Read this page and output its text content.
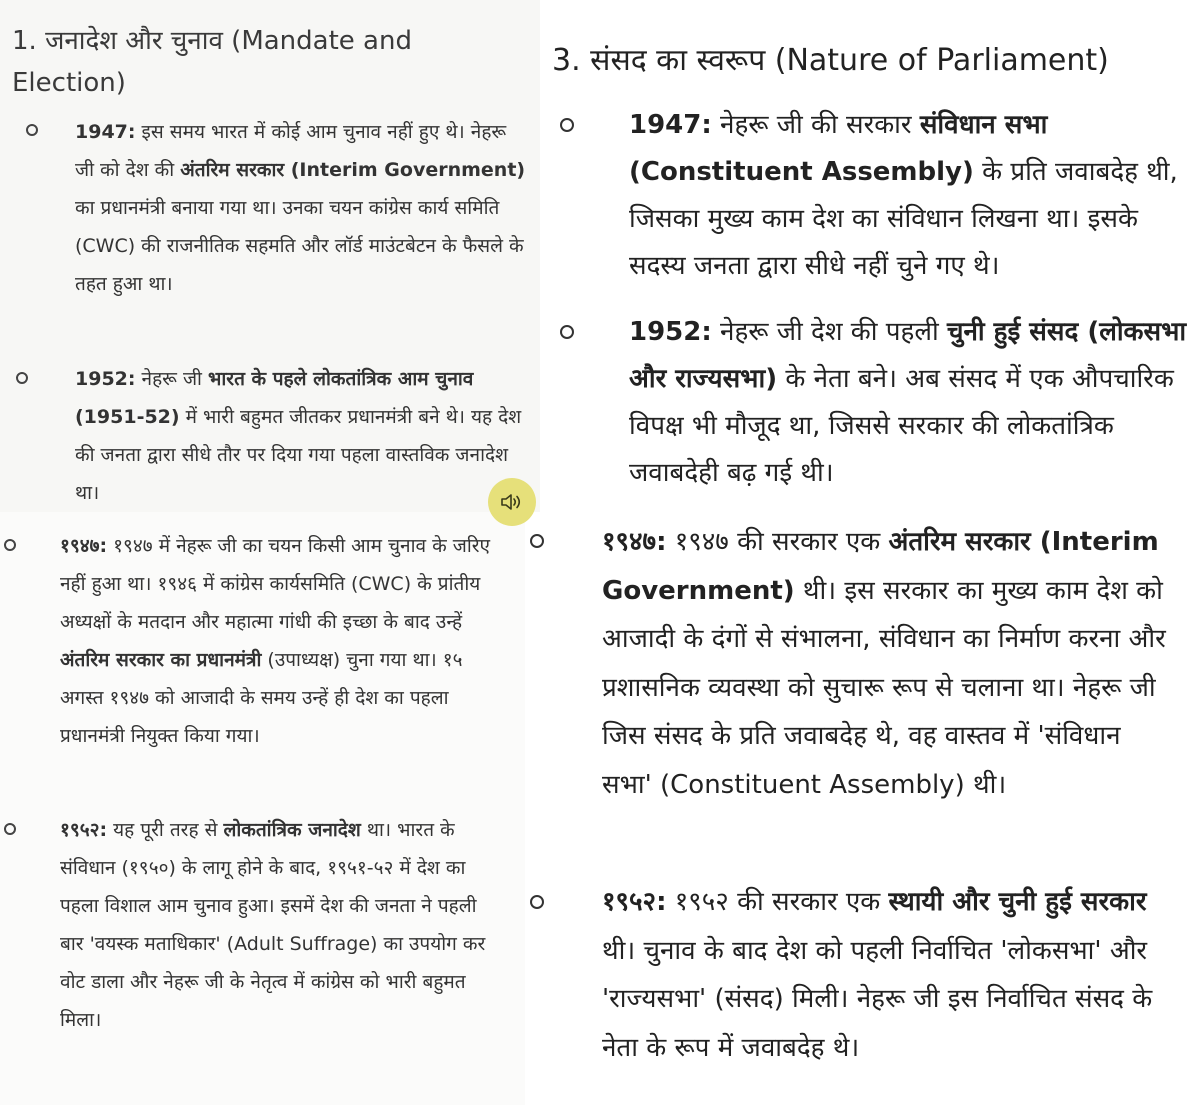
1. जनादेश और चुनाव (Mandate and Election)

1947: इस समय भारत में कोई आम चुनाव नहीं हुए थे। नेहरू जी को देश की अंतरिम सरकार (Interim Government) का प्रधानमंत्री बनाया गया था। उनका चयन कांग्रेस कार्य समिति (CWC) की राजनीतिक सहमति और लॉर्ड माउंटबेटन के फैसले के तहत हुआ था।

1952: नेहरू जी भारत के पहले लोकतांत्रिक आम चुनाव (1951-52) में भारी बहुमत जीतकर प्रधानमंत्री बने थे। यह देश की जनता द्वारा सीधे तौर पर दिया गया पहला वास्तविक जनादेश था।

3. संसद का स्वरूप (Nature of Parliament)

1947: नेहरू जी की सरकार संविधान सभा (Constituent Assembly) के प्रति जवाबदेह थी, जिसका मुख्य काम देश का संविधान लिखना था। इसके सदस्य जनता द्वारा सीधे नहीं चुने गए थे।

1952: नेहरू जी देश की पहली चुनी हुई संसद (लोकसभा और राज्यसभा) के नेता बने। अब संसद में एक औपचारिक विपक्ष भी मौजूद था, जिससे सरकार की लोकतांत्रिक जवाबदेही बढ़ गई थी।

१९४७: १९४७ में नेहरू जी का चयन किसी आम चुनाव के जरिए नहीं हुआ था। १९४६ में कांग्रेस कार्यसमिति (CWC) के प्रांतीय अध्यक्षों के मतदान और महात्मा गांधी की इच्छा के बाद उन्हें अंतरिम सरकार का प्रधानमंत्री (उपाध्यक्ष) चुना गया था। १५ अगस्त १९४७ को आजादी के समय उन्हें ही देश का पहला प्रधानमंत्री नियुक्त किया गया।

१९५२: यह पूरी तरह से लोकतांत्रिक जनादेश था। भारत के संविधान (१९५०) के लागू होने के बाद, १९५१-५२ में देश का पहला विशाल आम चुनाव हुआ। इसमें देश की जनता ने पहली बार 'वयस्क मताधिकार' (Adult Suffrage) का उपयोग कर वोट डाला और नेहरू जी के नेतृत्व में कांग्रेस को भारी बहुमत मिला।

१९४७: १९४७ की सरकार एक अंतरिम सरकार (Interim Government) थी। इस सरकार का मुख्य काम देश को आजादी के दंगों से संभालना, संविधान का निर्माण करना और प्रशासनिक व्यवस्था को सुचारू रूप से चलाना था। नेहरू जी जिस संसद के प्रति जवाबदेह थे, वह वास्तव में 'संविधान सभा' (Constituent Assembly) थी।

१९५२: १९५२ की सरकार एक स्थायी और चुनी हुई सरकार थी। चुनाव के बाद देश को पहली निर्वाचित 'लोकसभा' और 'राज्यसभा' (संसद) मिली। नेहरू जी इस निर्वाचित संसद के नेता के रूप में जवाबदेह थे।
